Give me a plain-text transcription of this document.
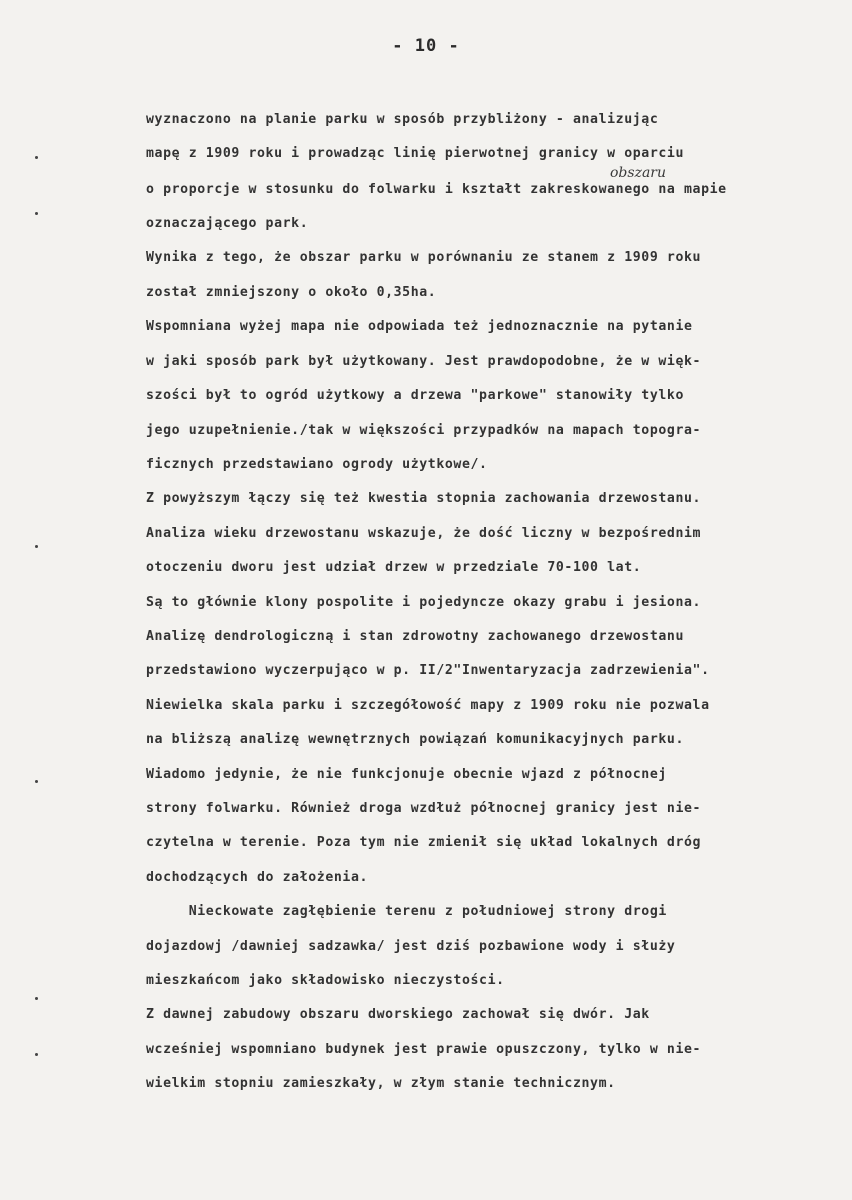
- 10 -
obszaru
wyznaczono na planie parku w sposób przybliżony - analizując
mapę z 1909 roku i prowadząc linię pierwotnej granicy w oparciu
o proporcje w stosunku do folwarku i kształt zakreskowanego na mapie
oznaczającego park.
Wynika z tego, że obszar parku w porównaniu ze stanem z 1909 roku
został zmniejszony o około 0,35ha.
Wspomniana wyżej mapa nie odpowiada też jednoznacznie na pytanie
w jaki sposób park był użytkowany. Jest prawdopodobne, że w więk-
szości był to ogród użytkowy a drzewa "parkowe" stanowiły tylko
jego uzupełnienie./tak w większości przypadków na mapach topogra-
ficznych przedstawiano ogrody użytkowe/.
Z powyższym łączy się też kwestia stopnia zachowania drzewostanu.
Analiza wieku drzewostanu wskazuje, że dość liczny w bezpośrednim
otoczeniu dworu jest udział drzew w przedziale 70-100 lat.
Są to głównie klony pospolite i pojedyncze okazy grabu i jesiona.
Analizę dendrologiczną i stan zdrowotny zachowanego drzewostanu
przedstawiono wyczerpująco w p. II/2"Inwentaryzacja zadrzewienia".
Niewielka skala parku i szczegółowość mapy z 1909 roku nie pozwala
na bliższą analizę wewnętrznych powiązań komunikacyjnych parku.
Wiadomo jedynie, że nie funkcjonuje obecnie wjazd z północnej
strony folwarku. Również droga wzdłuż północnej granicy jest nie-
czytelna w terenie. Poza tym nie zmienił się układ lokalnych dróg
dochodzących do założenia.
Nieckowate zagłębienie terenu z południowej strony drogi
dojazdowj /dawniej sadzawka/ jest dziś pozbawione wody i służy
mieszkańcom jako składowisko nieczystości.
Z dawnej zabudowy obszaru dworskiego zachował się dwór. Jak
wcześniej wspomniano budynek jest prawie opuszczony, tylko w nie-
wielkim stopniu zamieszkały, w złym stanie technicznym.
